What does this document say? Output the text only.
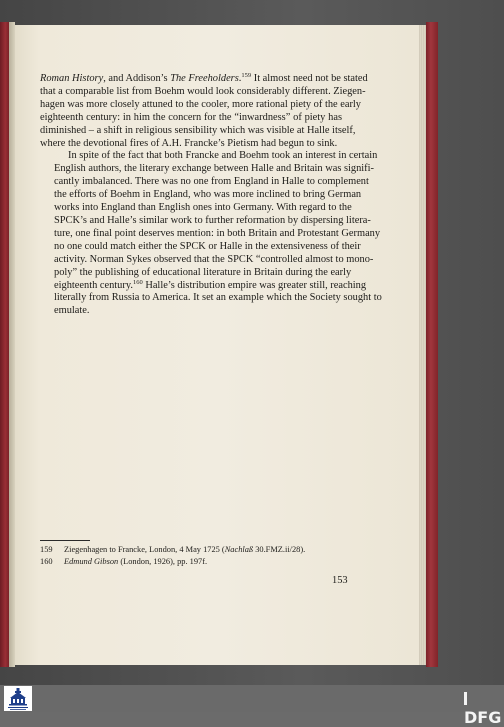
Roman History, and Addison’s The Freeholders.$^{159}$ It almost need not be stated
that a comparable list from Boehm would look considerably different. Ziegen-
hagen was more closely attuned to the cooler, more rational piety of the early
eighteenth century: in him the concern for the “inwardness” of piety has
diminished – a shift in religious sensibility which was visible at Halle itself,
where the devotional fires of A.H. Francke’s Pietism had begun to sink.

In spite of the fact that both Francke and Boehm took an interest in certain
English authors, the literary exchange between Halle and Britain was signifi-
cantly imbalanced. There was no one from England in Halle to complement
the efforts of Boehm in England, who was more inclined to bring German
works into England than English ones into Germany. With regard to the
SPCK’s and Halle’s similar work to further reformation by dispersing litera-
ture, one final point deserves mention: in both Britain and Protestant Germany
no one could match either the SPCK or Halle in the extensiveness of their
activity. Norman Sykes observed that the SPCK “controlled almost to mono-
poly” the publishing of educational literature in Britain during the early
eighteenth century.$^{160}$ Halle’s distribution empire was greater still, reaching
literally from Russia to America. It set an example which the Society sought to
emulate.

159	Ziegenhagen to Francke, London, 4 May 1725 (Nachlaß 30.FMZ.ii/28).
160	Edmund Gibson (London, 1926), pp. 197f.
153
DFG
